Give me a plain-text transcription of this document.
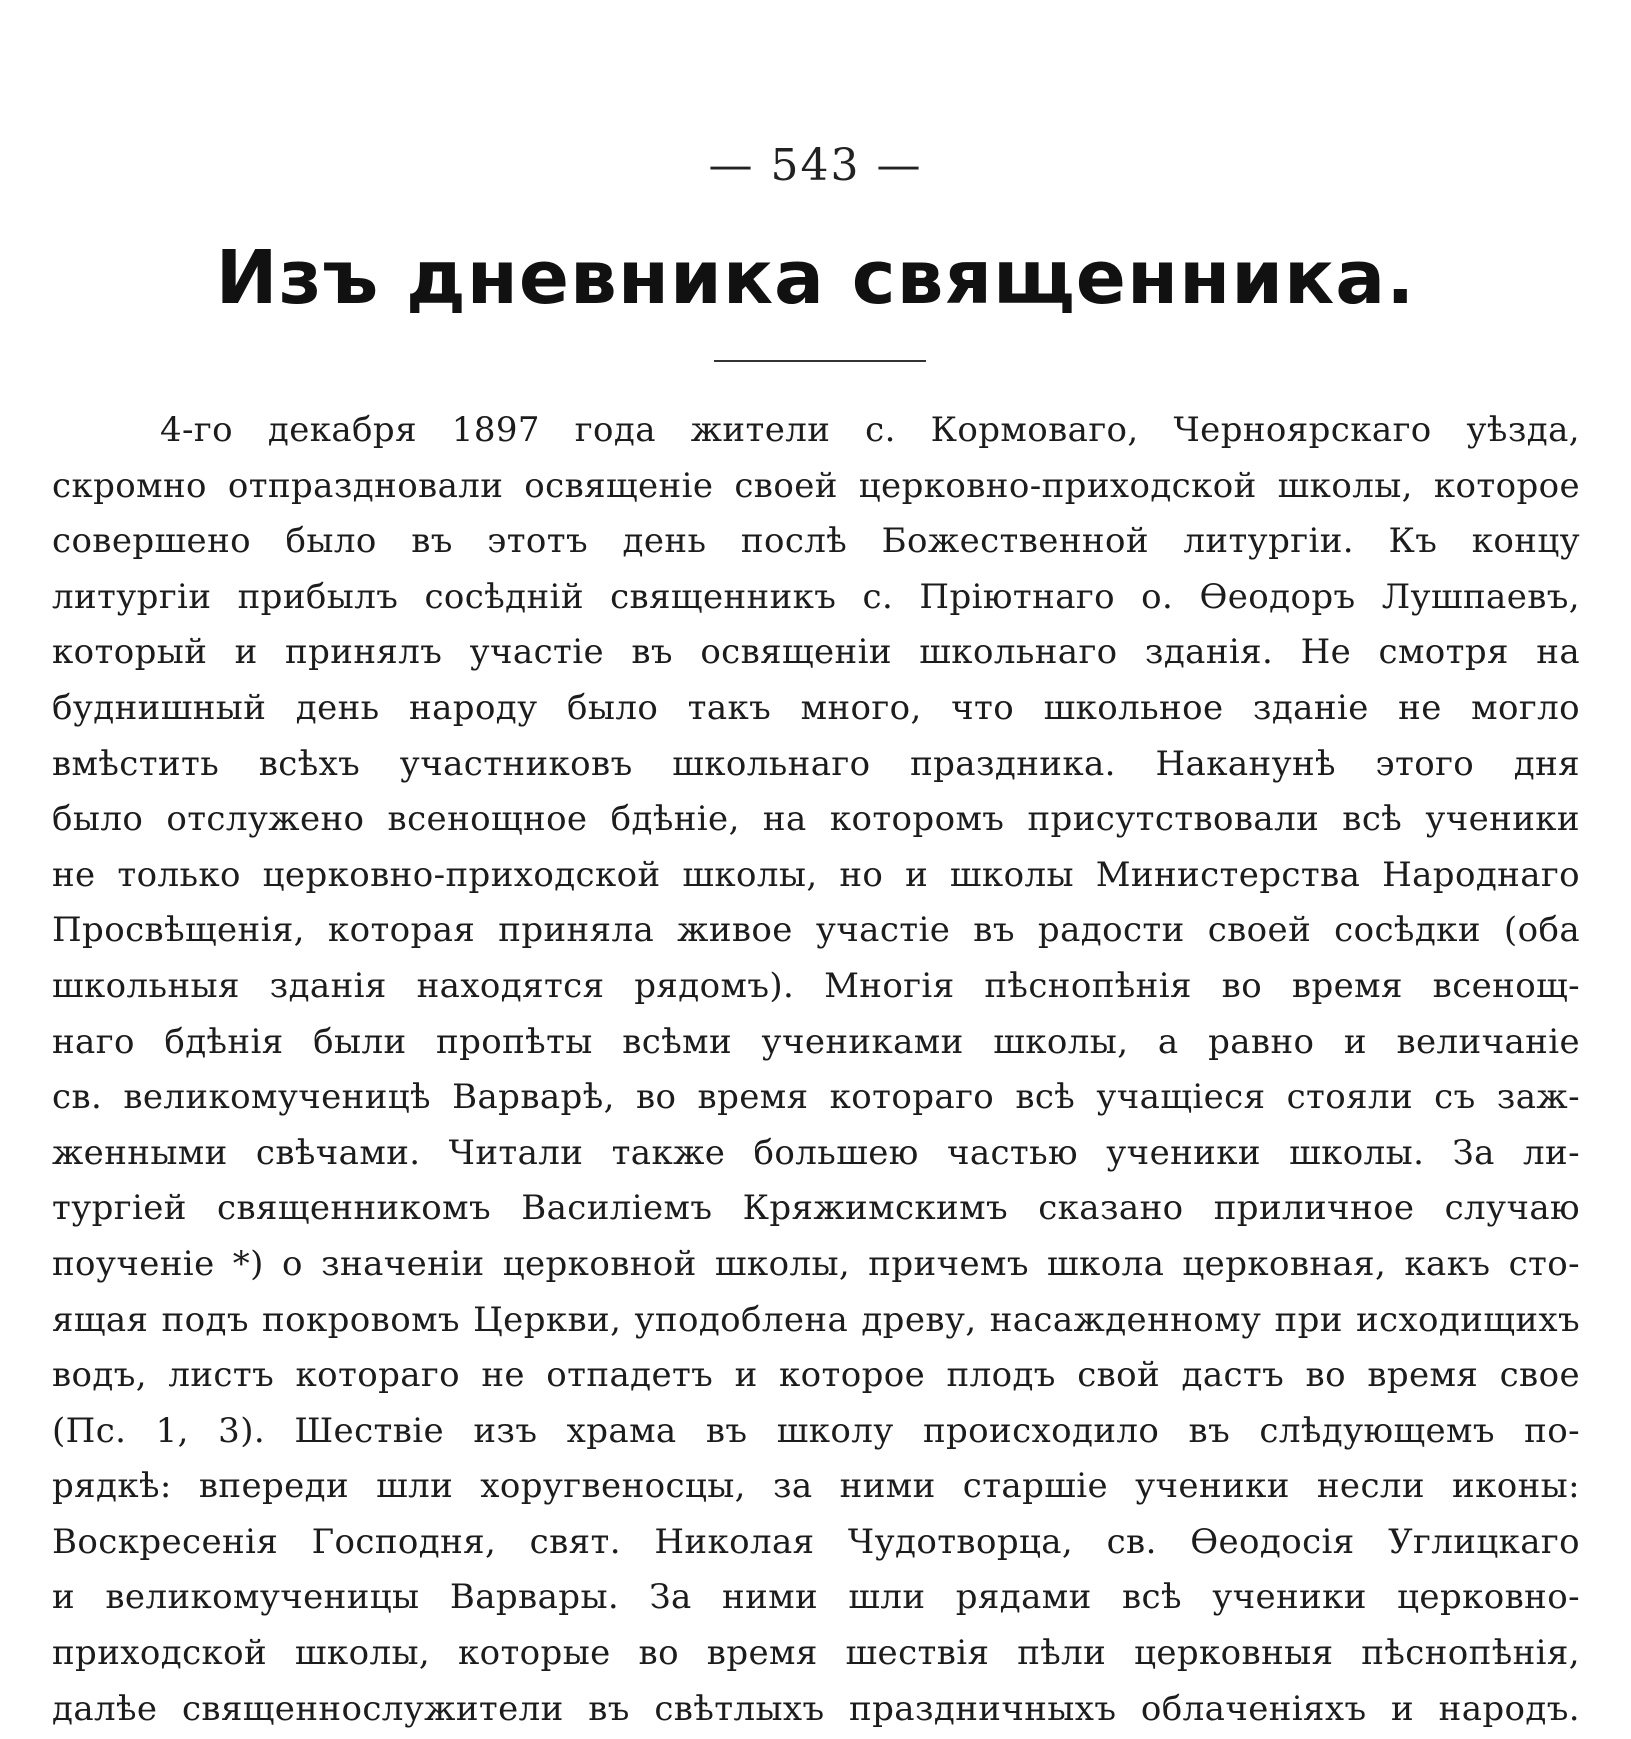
— 543 —
Изъ дневника священника.
4-го декабря 1897 года жители с. Кормоваго, Черноярскаго уѣзда,
скромно отпраздновали освященіе своей церковно-приходской школы, которое
совершено было въ этотъ день послѣ Божественной литургіи. Къ концу
литургіи прибылъ сосѣдній священникъ с. Пріютнаго о. Ѳеодоръ Лушпаевъ,
который и принялъ участіе въ освященіи школьнаго зданія. Не смотря на
буднишный день народу было такъ много, что школьное зданіе не могло
вмѣстить всѣхъ участниковъ школьнаго праздника. Наканунѣ этого дня
было отслужено всенощное бдѣніе, на которомъ присутствовали всѣ ученики
не только церковно-приходской школы, но и школы Министерства Народнаго
Просвѣщенія, которая приняла живое участіе въ радости своей сосѣдки (оба
школьныя зданія находятся рядомъ). Многія пѣснопѣнія во время всенощ-
наго бдѣнія были пропѣты всѣми учениками школы, а равно и величаніе
св. великомученицѣ Варварѣ, во время котораго всѣ учащіеся стояли съ заж-
женными свѣчами. Читали также большею частью ученики школы. За ли-
тургіей священникомъ Василіемъ Кряжимскимъ сказано приличное случаю
поученіе *) о значеніи церковной школы, причемъ школа церковная, какъ сто-
ящая подъ покровомъ Церкви, уподоблена древу, насажденному при исходищихъ
водъ, листъ котораго не отпадетъ и которое плодъ свой дастъ во время свое
(Пс. 1, 3). Шествіе изъ храма въ школу происходило въ слѣдующемъ по-
рядкѣ: впереди шли хоругвеносцы, за ними старшіе ученики несли иконы:
Воскресенія Господня, свят. Николая Чудотворца, св. Ѳеодосія Углицкаго
и великомученицы Варвары. За ними шли рядами всѣ ученики церковно-
приходской школы, которые во время шествія пѣли церковныя пѣснопѣнія,
далѣе священнослужители въ свѣтлыхъ праздничныхъ облаченіяхъ и народъ.
